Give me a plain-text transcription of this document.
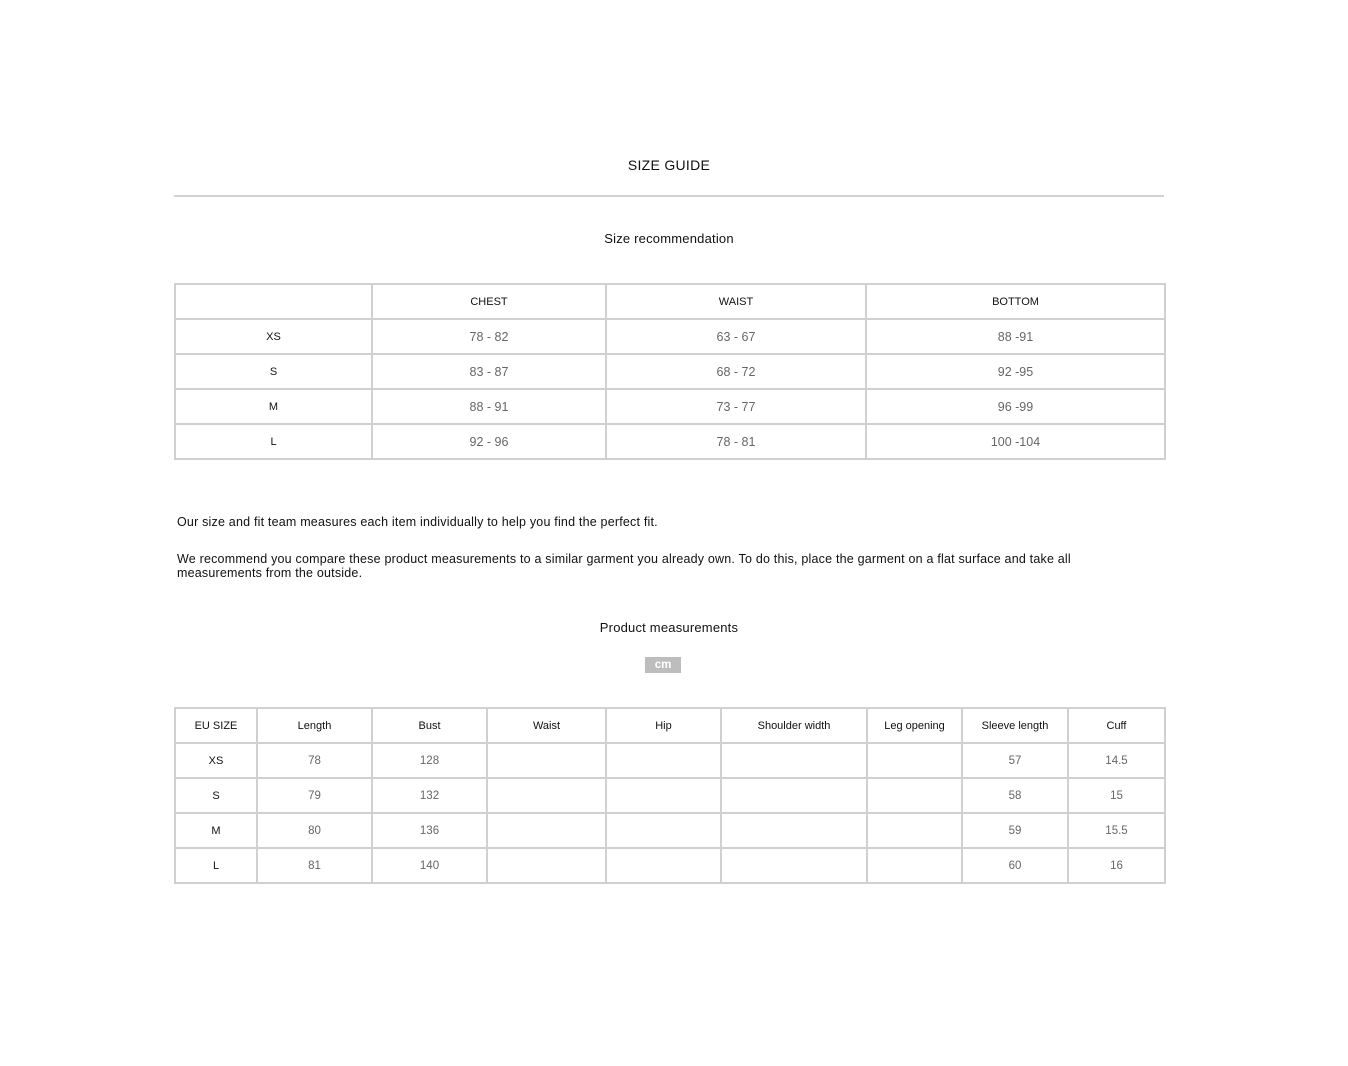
SIZE GUIDE
Size recommendation
	CHEST	WAIST	BOTTOM
XS	78 - 82	63 - 67	88 -91
S	83 - 87	68 - 72	92 -95
M	88 - 91	73 - 77	96 -99
L	92 - 96	78 - 81	100 -104
Our size and fit team measures each item individually to help you find the perfect fit.
We recommend you compare these product measurements to a similar garment you already own. To do this, place the garment on a flat surface and take all measurements from the outside.
Product measurements
cm
EU SIZE	Length	Bust	Waist	Hip	Shoulder width	Leg opening	Sleeve length	Cuff
XS	78	128					57	14.5
S	79	132					58	15
M	80	136					59	15.5
L	81	140					60	16
